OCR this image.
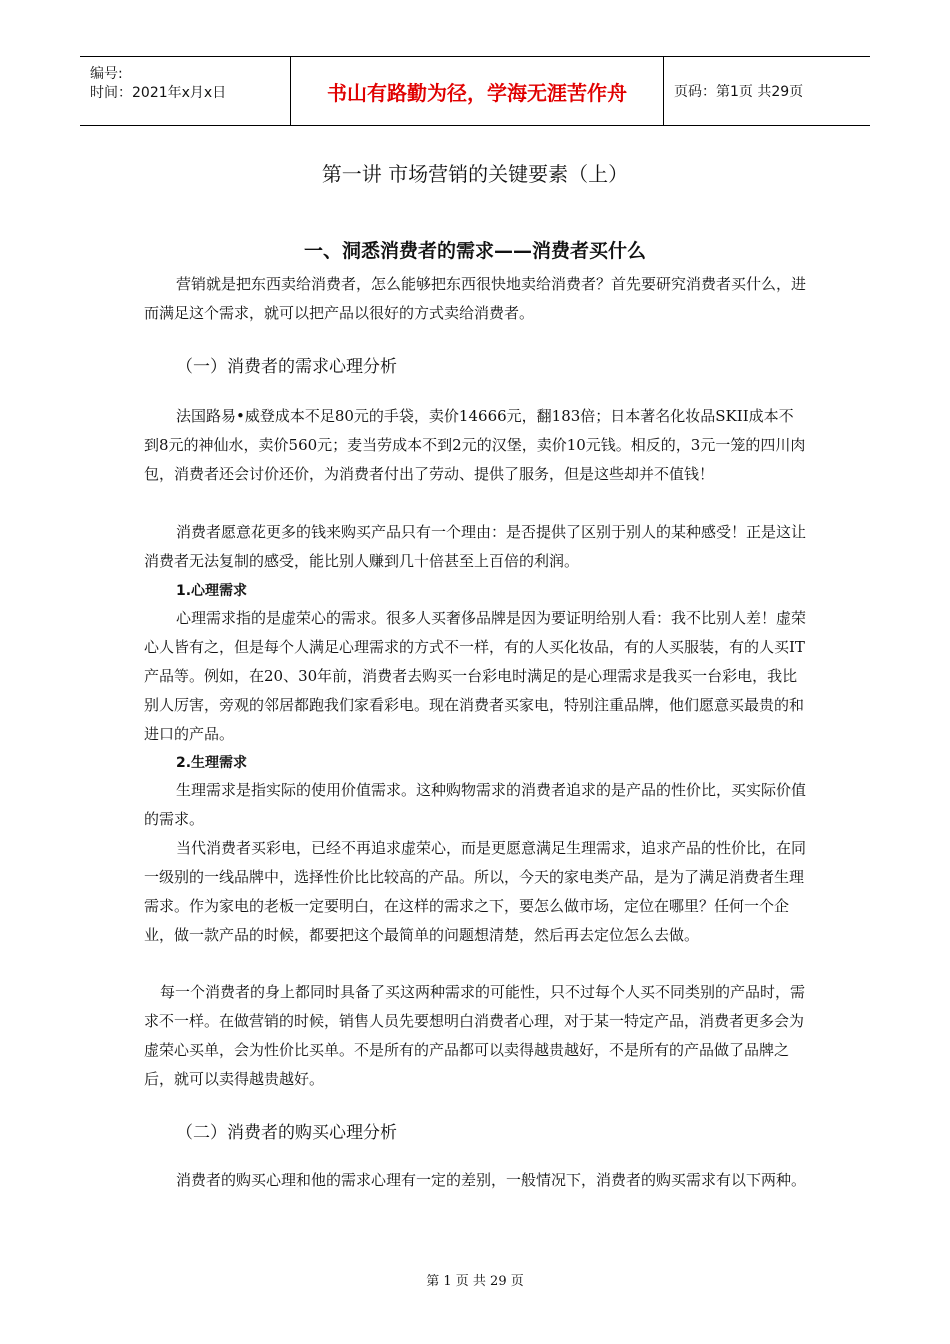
编号:
时间：2021年x月x日	书山有路勤为径，学海无涯苦作舟	页码：第1页 共29页
第一讲 市场营销的关键要素（上）
一、洞悉消费者的需求——消费者买什么

营销就是把东西卖给消费者，怎么能够把东西很快地卖给消费者？首先要研究消费者买什么，进而满足这个需求，就可以把产品以很好的方式卖给消费者。

（一）消费者的需求心理分析

法国路易•威登成本不足80元的手袋，卖价14666元，翻183倍；日本著名化妆品SKII成本不到8元的神仙水，卖价560元；麦当劳成本不到2元的汉堡，卖价10元钱。相反的，3元一笼的四川肉包，消费者还会讨价还价，为消费者付出了劳动、提供了服务，但是这些却并不值钱！

消费者愿意花更多的钱来购买产品只有一个理由：是否提供了区别于别人的某种感受！正是这让消费者无法复制的感受，能比别人赚到几十倍甚至上百倍的利润。

1.心理需求

心理需求指的是虚荣心的需求。很多人买奢侈品牌是因为要证明给别人看：我不比别人差！虚荣心人皆有之，但是每个人满足心理需求的方式不一样，有的人买化妆品，有的人买服装，有的人买IT产品等。例如，在20、30年前，消费者去购买一台彩电时满足的是心理需求是我买一台彩电，我比别人厉害，旁观的邻居都跑我们家看彩电。现在消费者买家电，特别注重品牌，他们愿意买最贵的和进口的产品。

2.生理需求

生理需求是指实际的使用价值需求。这种购物需求的消费者追求的是产品的性价比，买实际价值的需求。

当代消费者买彩电，已经不再追求虚荣心，而是更愿意满足生理需求，追求产品的性价比，在同一级别的一线品牌中，选择性价比比较高的产品。所以，今天的家电类产品，是为了满足消费者生理需求。作为家电的老板一定要明白，在这样的需求之下，要怎么做市场，定位在哪里？任何一个企业，做一款产品的时候，都要把这个最简单的问题想清楚，然后再去定位怎么去做。

每一个消费者的身上都同时具备了买这两种需求的可能性，只不过每个人买不同类别的产品时，需求不一样。在做营销的时候，销售人员先要想明白消费者心理，对于某一特定产品，消费者更多会为虚荣心买单，会为性价比买单。不是所有的产品都可以卖得越贵越好，不是所有的产品做了品牌之后，就可以卖得越贵越好。

（二）消费者的购买心理分析

消费者的购买心理和他的需求心理有一定的差别，一般情况下，消费者的购买需求有以下两种。

第 1 页 共 29 页
